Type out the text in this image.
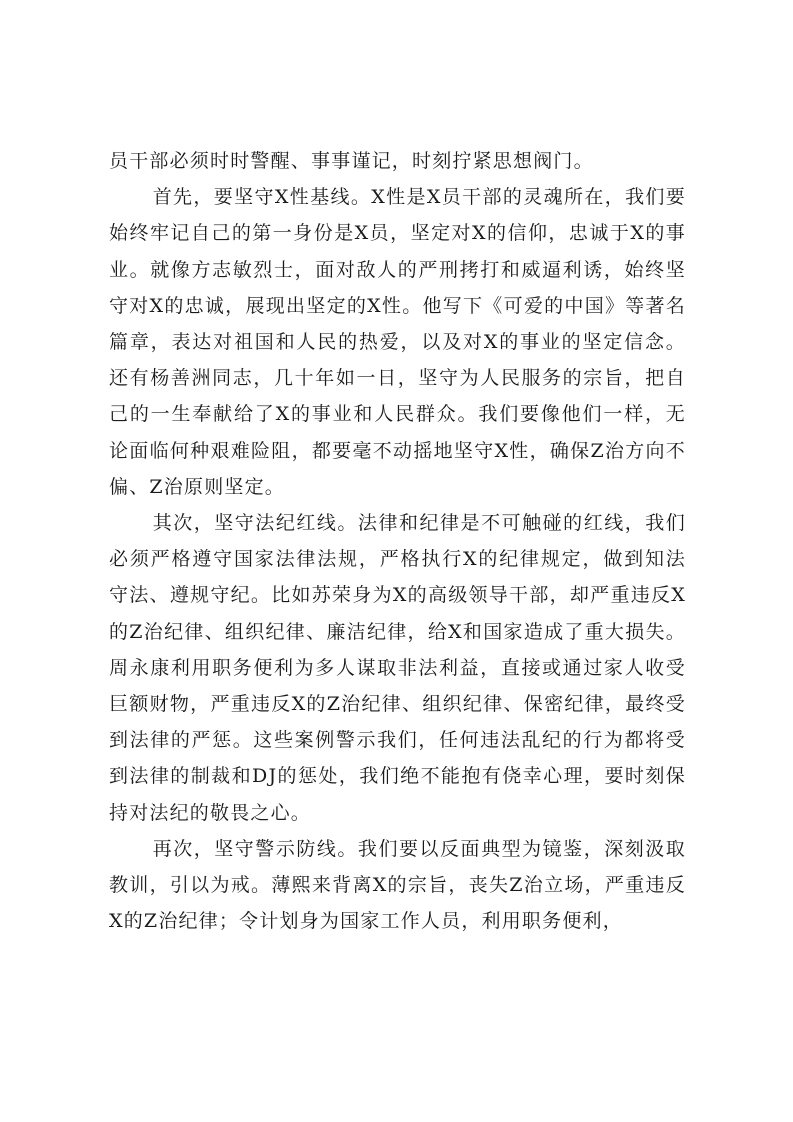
员干部必须时时警醒、事事谨记，时刻拧紧思想阀门。

首先，要坚守X性基线。X性是X员干部的灵魂所在，我们要始终牢记自己的第一身份是X员，坚定对X的信仰，忠诚于X的事业。就像方志敏烈士，面对敌人的严刑拷打和威逼利诱，始终坚守对X的忠诚，展现出坚定的X性。他写下《可爱的中国》等著名篇章，表达对祖国和人民的热爱，以及对X的事业的坚定信念。还有杨善洲同志，几十年如一日，坚守为人民服务的宗旨，把自己的一生奉献给了X的事业和人民群众。我们要像他们一样，无论面临何种艰难险阻，都要毫不动摇地坚守X性，确保Z治方向不偏、Z治原则坚定。

其次，坚守法纪红线。法律和纪律是不可触碰的红线，我们必须严格遵守国家法律法规，严格执行X的纪律规定，做到知法守法、遵规守纪。比如苏荣身为X的高级领导干部，却严重违反X的Z治纪律、组织纪律、廉洁纪律，给X和国家造成了重大损失。周永康利用职务便利为多人谋取非法利益，直接或通过家人收受巨额财物，严重违反X的Z治纪律、组织纪律、保密纪律，最终受到法律的严惩。这些案例警示我们，任何违法乱纪的行为都将受到法律的制裁和DJ的惩处，我们绝不能抱有侥幸心理，要时刻保持对法纪的敬畏之心。

再次，坚守警示防线。我们要以反面典型为镜鉴，深刻汲取教训，引以为戒。薄熙来背离X的宗旨，丧失Z治立场，严重违反X的Z治纪律；令计划身为国家工作人员，利用职务便利，
